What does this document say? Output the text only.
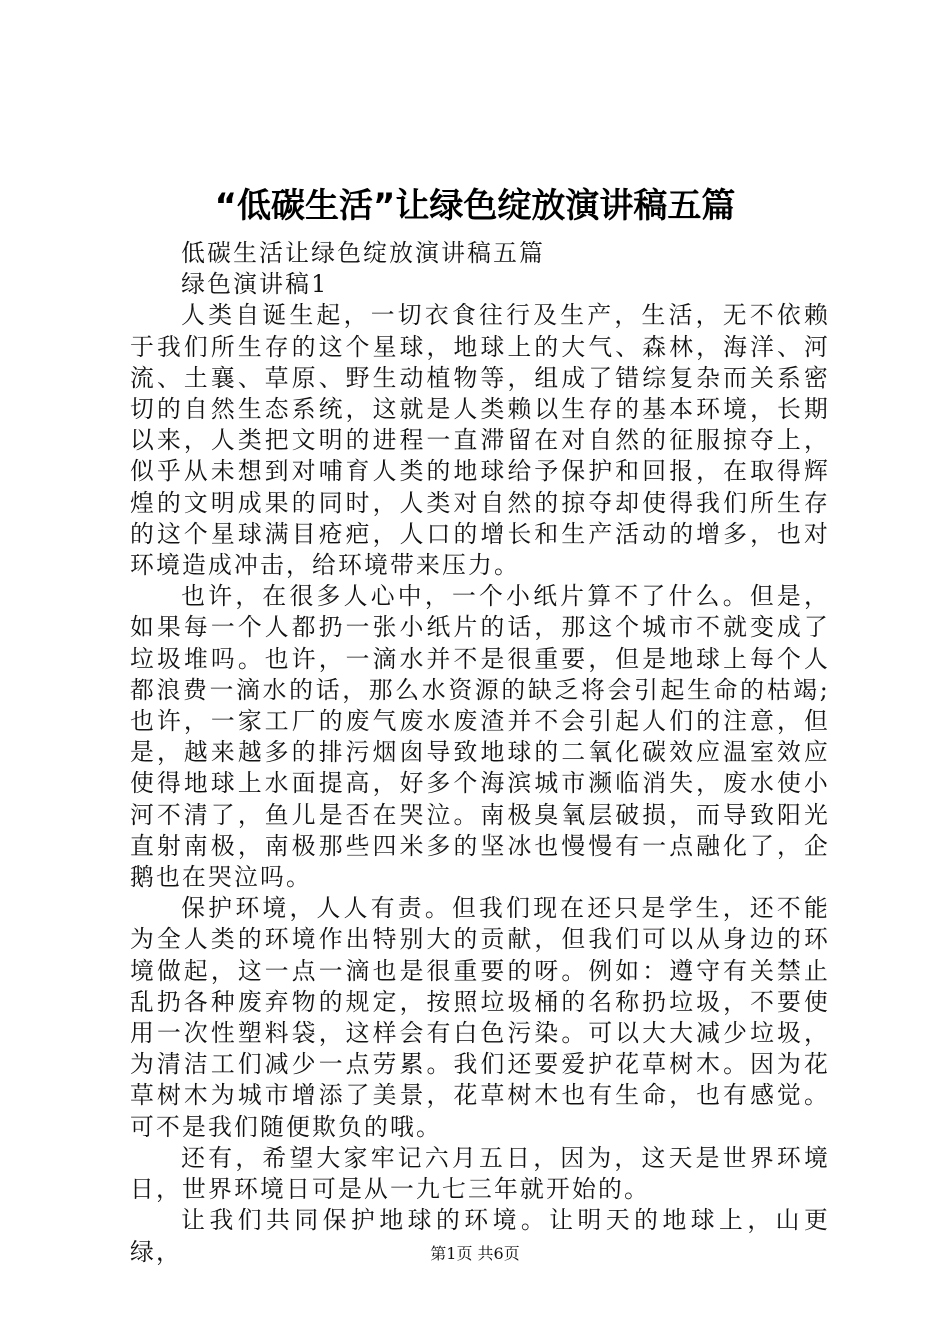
“低碳生活”让绿色绽放演讲稿五篇

低碳生活让绿色绽放演讲稿五篇

绿色演讲稿1

人类自诞生起，一切衣食往行及生产，生活，无不依赖于我们所生存的这个星球，地球上的大气、森林，海洋、河流、土襄、草原、野生动植物等，组成了错综复杂而关系密切的自然生态系统，这就是人类赖以生存的基本环境，长期以来，人类把文明的进程一直滞留在对自然的征服掠夺上，似乎从未想到对哺育人类的地球给予保护和回报，在取得辉煌的文明成果的同时，人类对自然的掠夺却使得我们所生存的这个星球满目疮疤，人口的增长和生产活动的增多，也对环境造成冲击，给环境带来压力。

也许，在很多人心中，一个小纸片算不了什么。但是，如果每一个人都扔一张小纸片的话，那这个城市不就变成了垃圾堆吗。也许，一滴水并不是很重要，但是地球上每个人都浪费一滴水的话，那么水资源的缺乏将会引起生命的枯竭;也许，一家工厂的废气废水废渣并不会引起人们的注意，但是，越来越多的排污烟囱导致地球的二氧化碳效应温室效应使得地球上水面提高，好多个海滨城市濒临消失，废水使小河不清了，鱼儿是否在哭泣。南极臭氧层破损，而导致阳光直射南极，南极那些四米多的坚冰也慢慢有一点融化了，企鹅也在哭泣吗。

保护环境，人人有责。但我们现在还只是学生，还不能为全人类的环境作出特别大的贡献，但我们可以从身边的环境做起，这一点一滴也是很重要的呀。例如：遵守有关禁止乱扔各种废弃物的规定，按照垃圾桶的名称扔垃圾，不要使用一次性塑料袋，这样会有白色污染。可以大大减少垃圾，为清洁工们减少一点劳累。我们还要爱护花草树木。因为花草树木为城市增添了美景，花草树木也有生命，也有感觉。可不是我们随便欺负的哦。

还有，希望大家牢记六月五日，因为，这天是世界环境日，世界环境日可是从一九七三年就开始的。

让我们共同保护地球的环境。让明天的地球上，山更绿，	第1页 共6页
